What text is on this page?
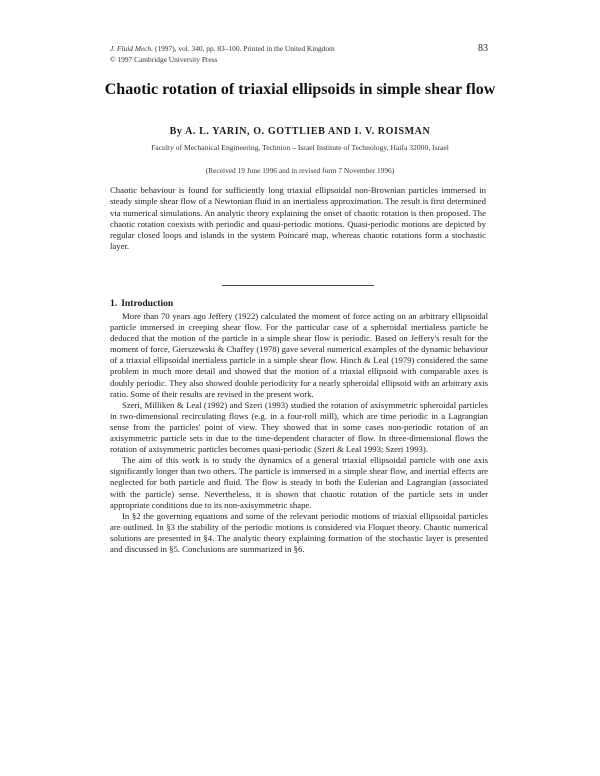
J. Fluid Mech. (1997), vol. 340, pp. 83–100. Printed in the United Kingdom
© 1997 Cambridge University Press
83
Chaotic rotation of triaxial ellipsoids in simple shear flow
By A. L. YARIN, O. GOTTLIEB AND I. V. ROISMAN
Faculty of Mechanical Engineering, Technion – Israel Institute of Technology, Haifa 32000, Israel
(Received 19 June 1996 and in revised form 7 November 1996)
Chaotic behaviour is found for sufficiently long triaxial ellipsoidal non-Brownian particles immersed in steady simple shear flow of a Newtonian fluid in an inertialess approximation. The result is first determined via numerical simulations. An analytic theory explaining the onset of chaotic rotation is then proposed. The chaotic rotation coexists with periodic and quasi-periodic motions. Quasi-periodic motions are depicted by regular closed loops and islands in the system Poincaré map, whereas chaotic rotations form a stochastic layer.
1. Introduction

More than 70 years ago Jeffery (1922) calculated the moment of force acting on an arbitrary ellipsoidal particle immersed in creeping shear flow. For the particular case of a spheroidal inertialess particle he deduced that the motion of the particle in a simple shear flow is periodic. Based on Jeffery's result for the moment of force, Gierszewski & Chaffey (1978) gave several numerical examples of the dynamic behaviour of a triaxial ellipsoidal inertialess particle in a simple shear flow. Hinch & Leal (1979) considered the same problem in much more detail and showed that the motion of a triaxial ellipsoid with comparable axes is doubly periodic. They also showed double periodicity for a nearly spheroidal ellipsoid with an arbitrary axis ratio. Some of their results are revised in the present work.

Szeri, Milliken & Leal (1992) and Szeri (1993) studied the rotation of axisymmetric spheroidal particles in two-dimensional recirculating flows (e.g. in a four-roll mill), which are time periodic in a Lagrangian sense from the particles' point of view. They showed that in some cases non-periodic rotation of an axisymmetric particle sets in due to the time-dependent character of flow. In three-dimensional flows the rotation of axisymmetric particles becomes quasi-periodic (Szeri & Leal 1993; Szeri 1993).

The aim of this work is to study the dynamics of a general triaxial ellipsoidal particle with one axis significantly longer than two others. The particle is immersed in a simple shear flow, and inertial effects are neglected for both particle and fluid. The flow is steady in both the Eulerian and Lagrangian (associated with the particle) sense. Nevertheless, it is shown that chaotic rotation of the particle sets in under appropriate conditions due to its non-axisymmetric shape.

In §2 the governing equations and some of the relevant periodic motions of triaxial ellipsoidal particles are outlined. In §3 the stability of the periodic motions is considered via Floquet theory. Chaotic numerical solutions are presented in §4. The analytic theory explaining formation of the stochastic layer is presented and discussed in §5. Conclusions are summarized in §6.
